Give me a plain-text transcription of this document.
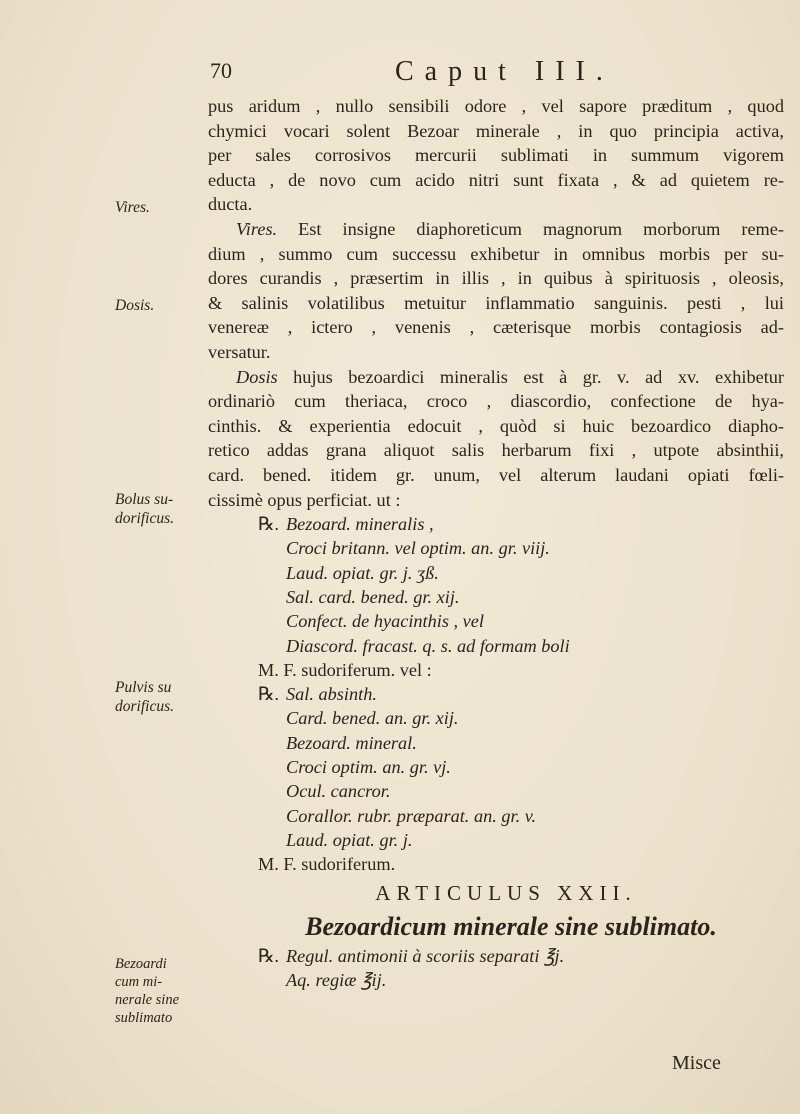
70	Caput III.
Vires.
Dosis.
Bolus su-
dorificus.
Pulvis su
dorificus.
Bezoardi
cum mi-
nerale sine
sublimato

pus aridum , nullo sensibili odore , vel sapore præditum , quod
chymici vocari solent Bezoar minerale , in quo principia activa,
per sales corrosivos mercurii sublimati in summum vigorem
educta , de novo cum acido nitri sunt fixata , & ad quietem re-
ducta.

Vires. Est insigne diaphoreticum magnorum morborum reme-
dium , summo cum successu exhibetur in omnibus morbis per su-
dores curandis , præsertim in illis , in quibus à spirituosis , oleosis,
& salinis volatilibus metuitur inflammatio sanguinis. pesti , lui
venereæ , ictero , venenis , cæterisque morbis contagiosis ad-
versatur.

Dosis hujus bezoardici mineralis est à gr. v. ad xv. exhibetur
ordinariò cum theriaca, croco , diascordio, confectione de hya-
cinthis. & experientia edocuit , quòd si huic bezoardico diapho-
retico addas grana aliquot salis herbarum fixi , utpote absinthii,
card. bened. itidem gr. unum, vel alterum laudani opiati fœli-
cissimè opus perficiat. ut :

℞. Bezoard. mineralis ,
Croci britann. vel optim. an. gr. viij.
Laud. opiat. gr. j. ʒß.
Sal. card. bened. gr. xij.
Confect. de hyacinthis , vel
Diascord. fracast. q. s. ad formam boli
M. F. sudoriferum. vel :
℞. Sal. absinth.
Card. bened. an. gr. xij.
Bezoard. mineral.
Croci optim. an. gr. vj.
Ocul. cancror.
Corallor. rubr. præparat. an. gr. v.
Laud. opiat. gr. j.
M. F. sudoriferum.
ARTICULUS XXII.
Bezoardicum minerale sine sublimato.
℞. Regul. antimonii à scoriis separati ℥j.
Aq. regiæ ℥ij.
Misce
